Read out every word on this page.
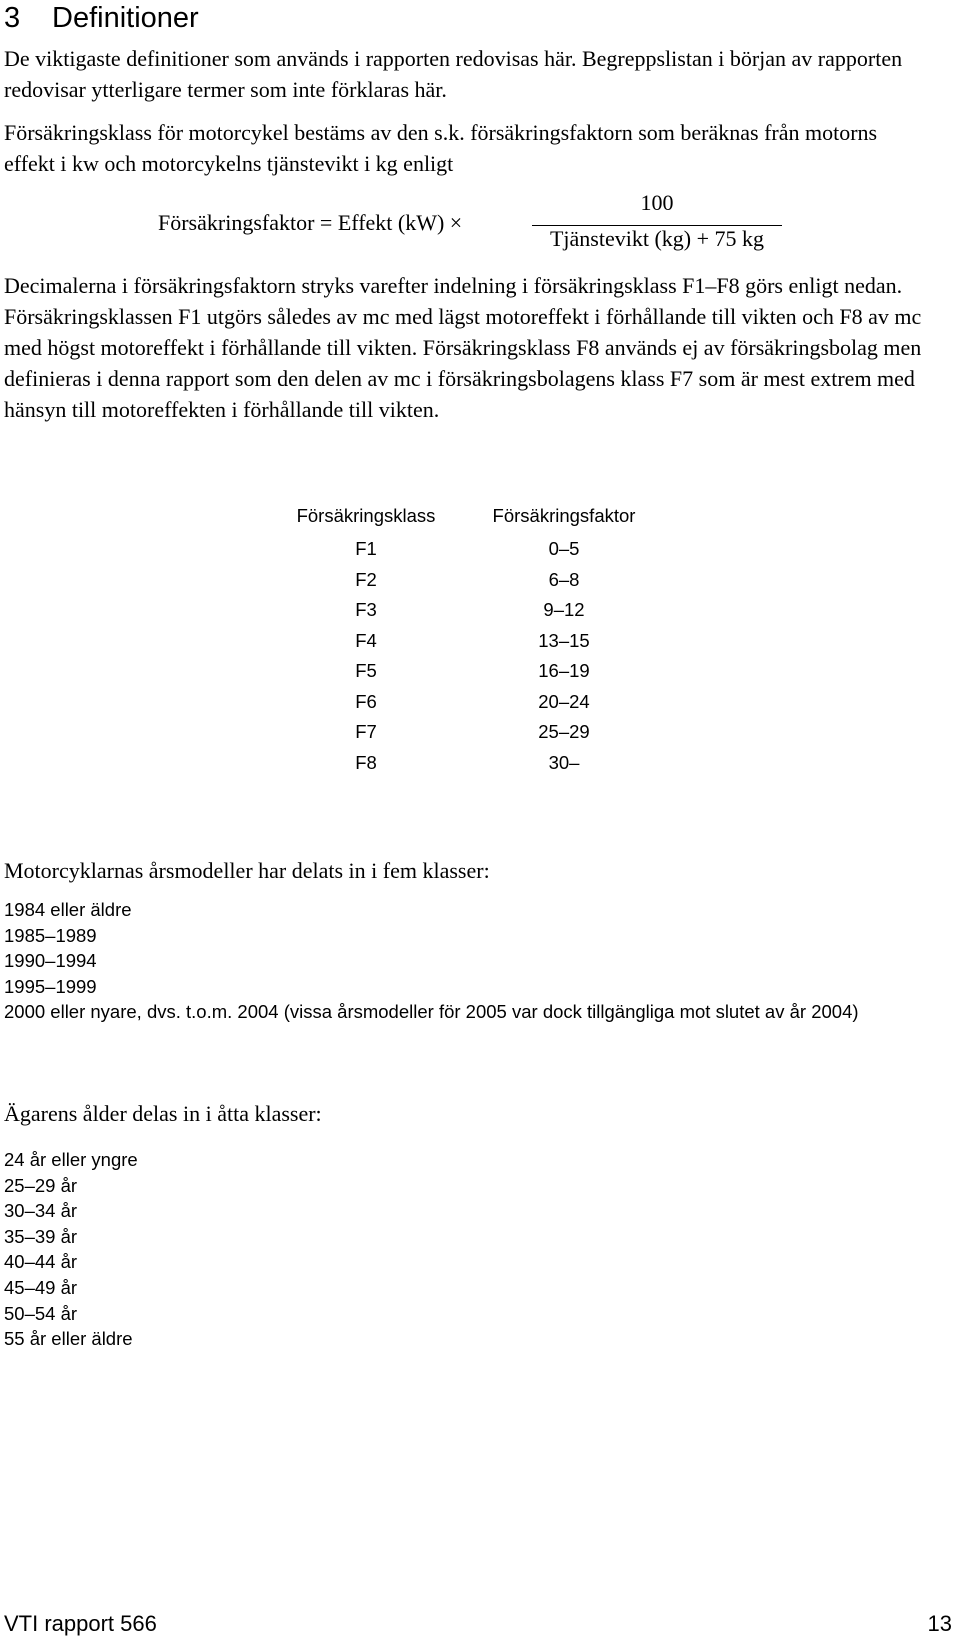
3 Definitioner

De viktigaste definitioner som används i rapporten redovisas här. Begreppslistan i början av rapporten redovisar ytterligare termer som inte förklaras här.

Försäkringsklass för motorcykel bestäms av den s.k. försäkringsfaktorn som beräknas från motorns effekt i kw och motorcykelns tjänstevikt i kg enligt

Försäkringsfaktor = Effekt (kW) ×
100
Tjänstevikt (kg) + 75 kg

Decimalerna i försäkringsfaktorn stryks varefter indelning i försäkringsklass F1–F8 görs enligt nedan. Försäkringsklassen F1 utgörs således av mc med lägst motoreffekt i förhållande till vikten och F8 av mc med högst motoreffekt i förhållande till vikten. Försäkringsklass F8 används ej av försäkringsbolag men definieras i denna rapport som den delen av mc i försäkringsbolagens klass F7 som är mest extrem med hänsyn till motoreffekten i förhållande till vikten.

Försäkringsklass	Försäkringsfaktor
F1	0–5
F2	6–8
F3	9–12
F4	13–15
F5	16–19
F6	20–24
F7	25–29
F8	30–
Motorcyklarnas årsmodeller har delats in i fem klasser:
1984 eller äldre
1985–1989
1990–1994
1995–1999
2000 eller nyare, dvs. t.o.m. 2004 (vissa årsmodeller för 2005 var dock tillgängliga mot slutet av år 2004)
Ägarens ålder delas in i åtta klasser:
24 år eller yngre
25–29 år
30–34 år
35–39 år
40–44 år
45–49 år
50–54 år
55 år eller äldre
VTI rapport 566	13
